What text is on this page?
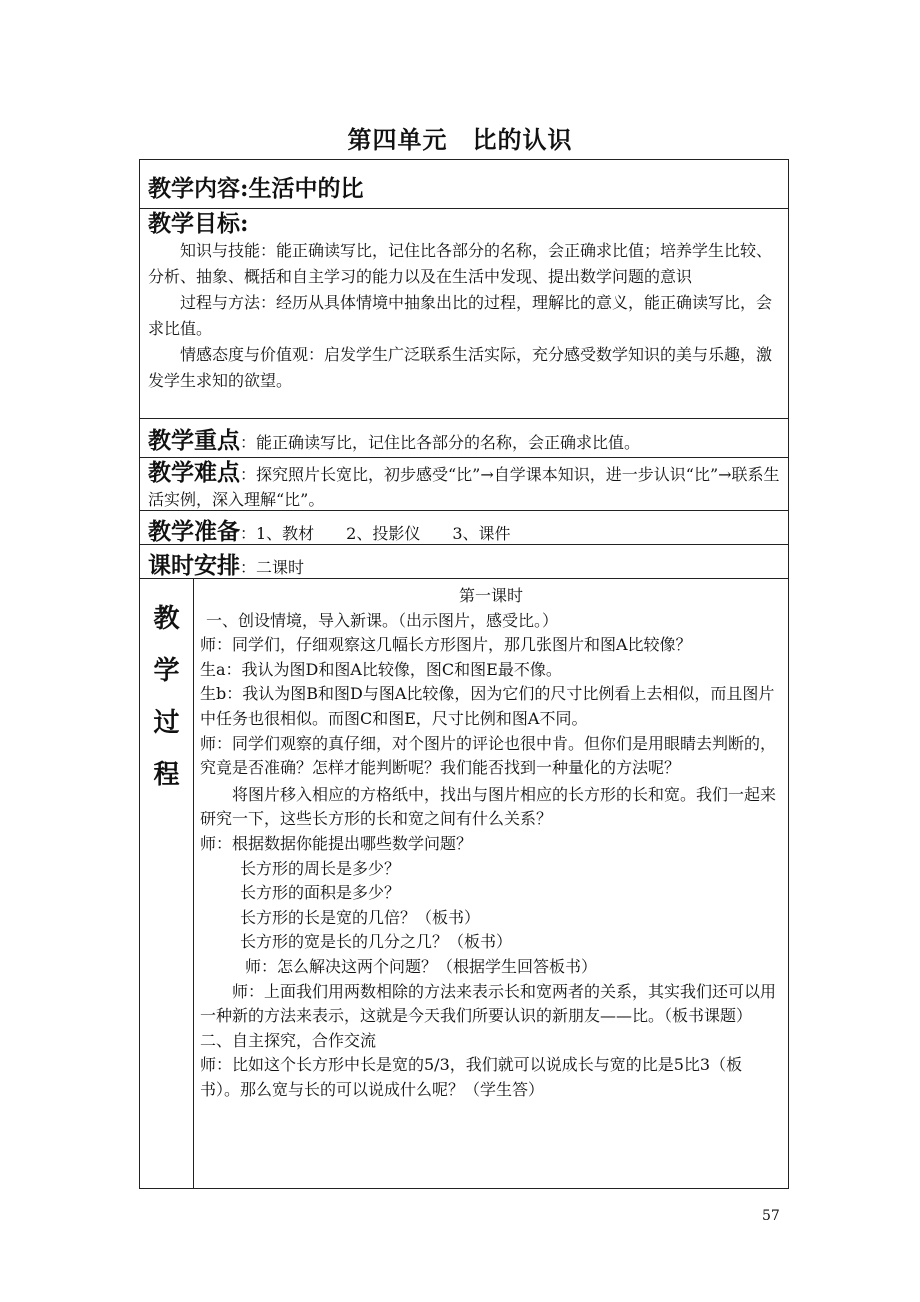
第四单元　比的认识
教学内容:生活中的比
教学目标:

知识与技能：能正确读写比，记住比各部分的名称，会正确求比值；培养学生比较、分析、抽象、概括和自主学习的能力以及在生活中发现、提出数学问题的意识

过程与方法：经历从具体情境中抽象出比的过程，理解比的意义，能正确读写比，会求比值。

情感态度与价值观：启发学生广泛联系生活实际，充分感受数学知识的美与乐趣，激发学生求知的欲望。

教学重点：能正确读写比，记住比各部分的名称，会正确求比值。
教学难点：探究照片长宽比，初步感受“比”→自学课本知识，进一步认识“比”→联系生活实例，深入理解“比”。
教学准备：1、教材　　2、投影仪　　3、课件
课时安排：二课时
教
学
过
程

第一课时

一、创设情境，导入新课。（出示图片，感受比。）

师：同学们，仔细观察这几幅长方形图片，那几张图片和图A比较像？

生a：我认为图D和图A比较像，图C和图E最不像。

生b：我认为图B和图D与图A比较像，因为它们的尺寸比例看上去相似，而且图片中任务也很相似。而图C和图E，尺寸比例和图A不同。

师：同学们观察的真仔细，对个图片的评论也很中肯。但你们是用眼睛去判断的，究竟是否准确？怎样才能判断呢？我们能否找到一种量化的方法呢？

将图片移入相应的方格纸中，找出与图片相应的长方形的长和宽。我们一起来研究一下，这些长方形的长和宽之间有什么关系？

师：根据数据你能提出哪些数学问题？

长方形的周长是多少？

长方形的面积是多少？

长方形的长是宽的几倍？（板书）

长方形的宽是长的几分之几？（板书）

师：怎么解决这两个问题？（根据学生回答板书）

师：上面我们用两数相除的方法来表示长和宽两者的关系，其实我们还可以用一种新的方法来表示，这就是今天我们所要认识的新朋友——比。（板书课题）

二、自主探究，合作交流

师：比如这个长方形中长是宽的5/3，我们就可以说成长与宽的比是5比3（板书）。那么宽与长的可以说成什么呢？（学生答）

57
